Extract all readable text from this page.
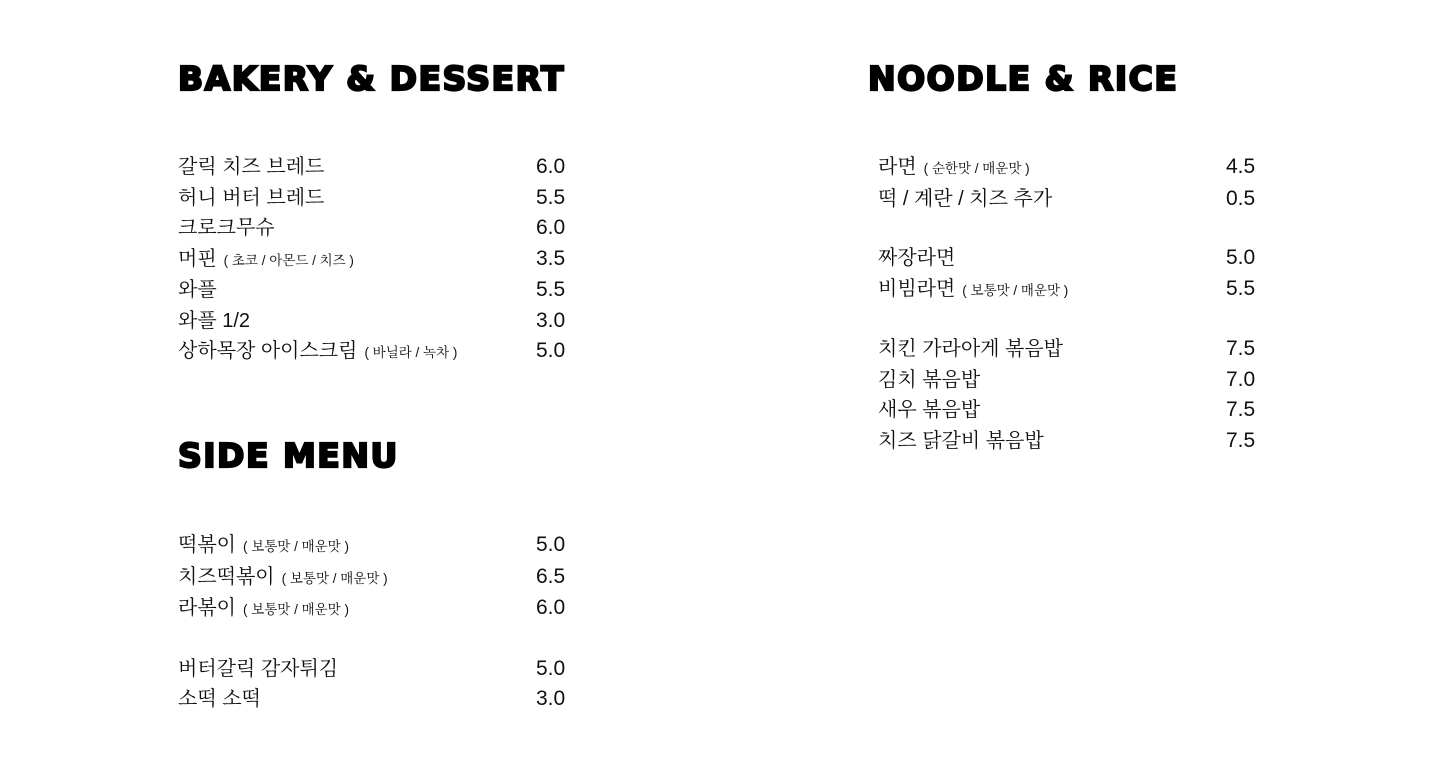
BAKERY & DESSERT
갈릭 치즈 브레드	6.0
허니 버터 브레드	5.5
크로크무슈	6.0
머핀 ( 초코 / 아몬드 / 치즈 )	3.5
와플	5.5
와플 1/2	3.0
상하목장 아이스크림 ( 바닐라 / 녹차 )	5.0
SIDE MENU
떡볶이 ( 보통맛 / 매운맛 )	5.0
치즈떡볶이 ( 보통맛 / 매운맛 )	6.5
라볶이 ( 보통맛 / 매운맛 )	6.0
버터갈릭 감자튀김	5.0
소떡 소떡	3.0
NOODLE & RICE
라면 ( 순한맛 / 매운맛 )	4.5
떡 / 계란 / 치즈 추가	0.5
짜장라면	5.0
비빔라면 ( 보통맛 / 매운맛 )	5.5
치킨 가라아게 볶음밥	7.5
김치 볶음밥	7.0
새우 볶음밥	7.5
치즈 닭갈비 볶음밥	7.5
